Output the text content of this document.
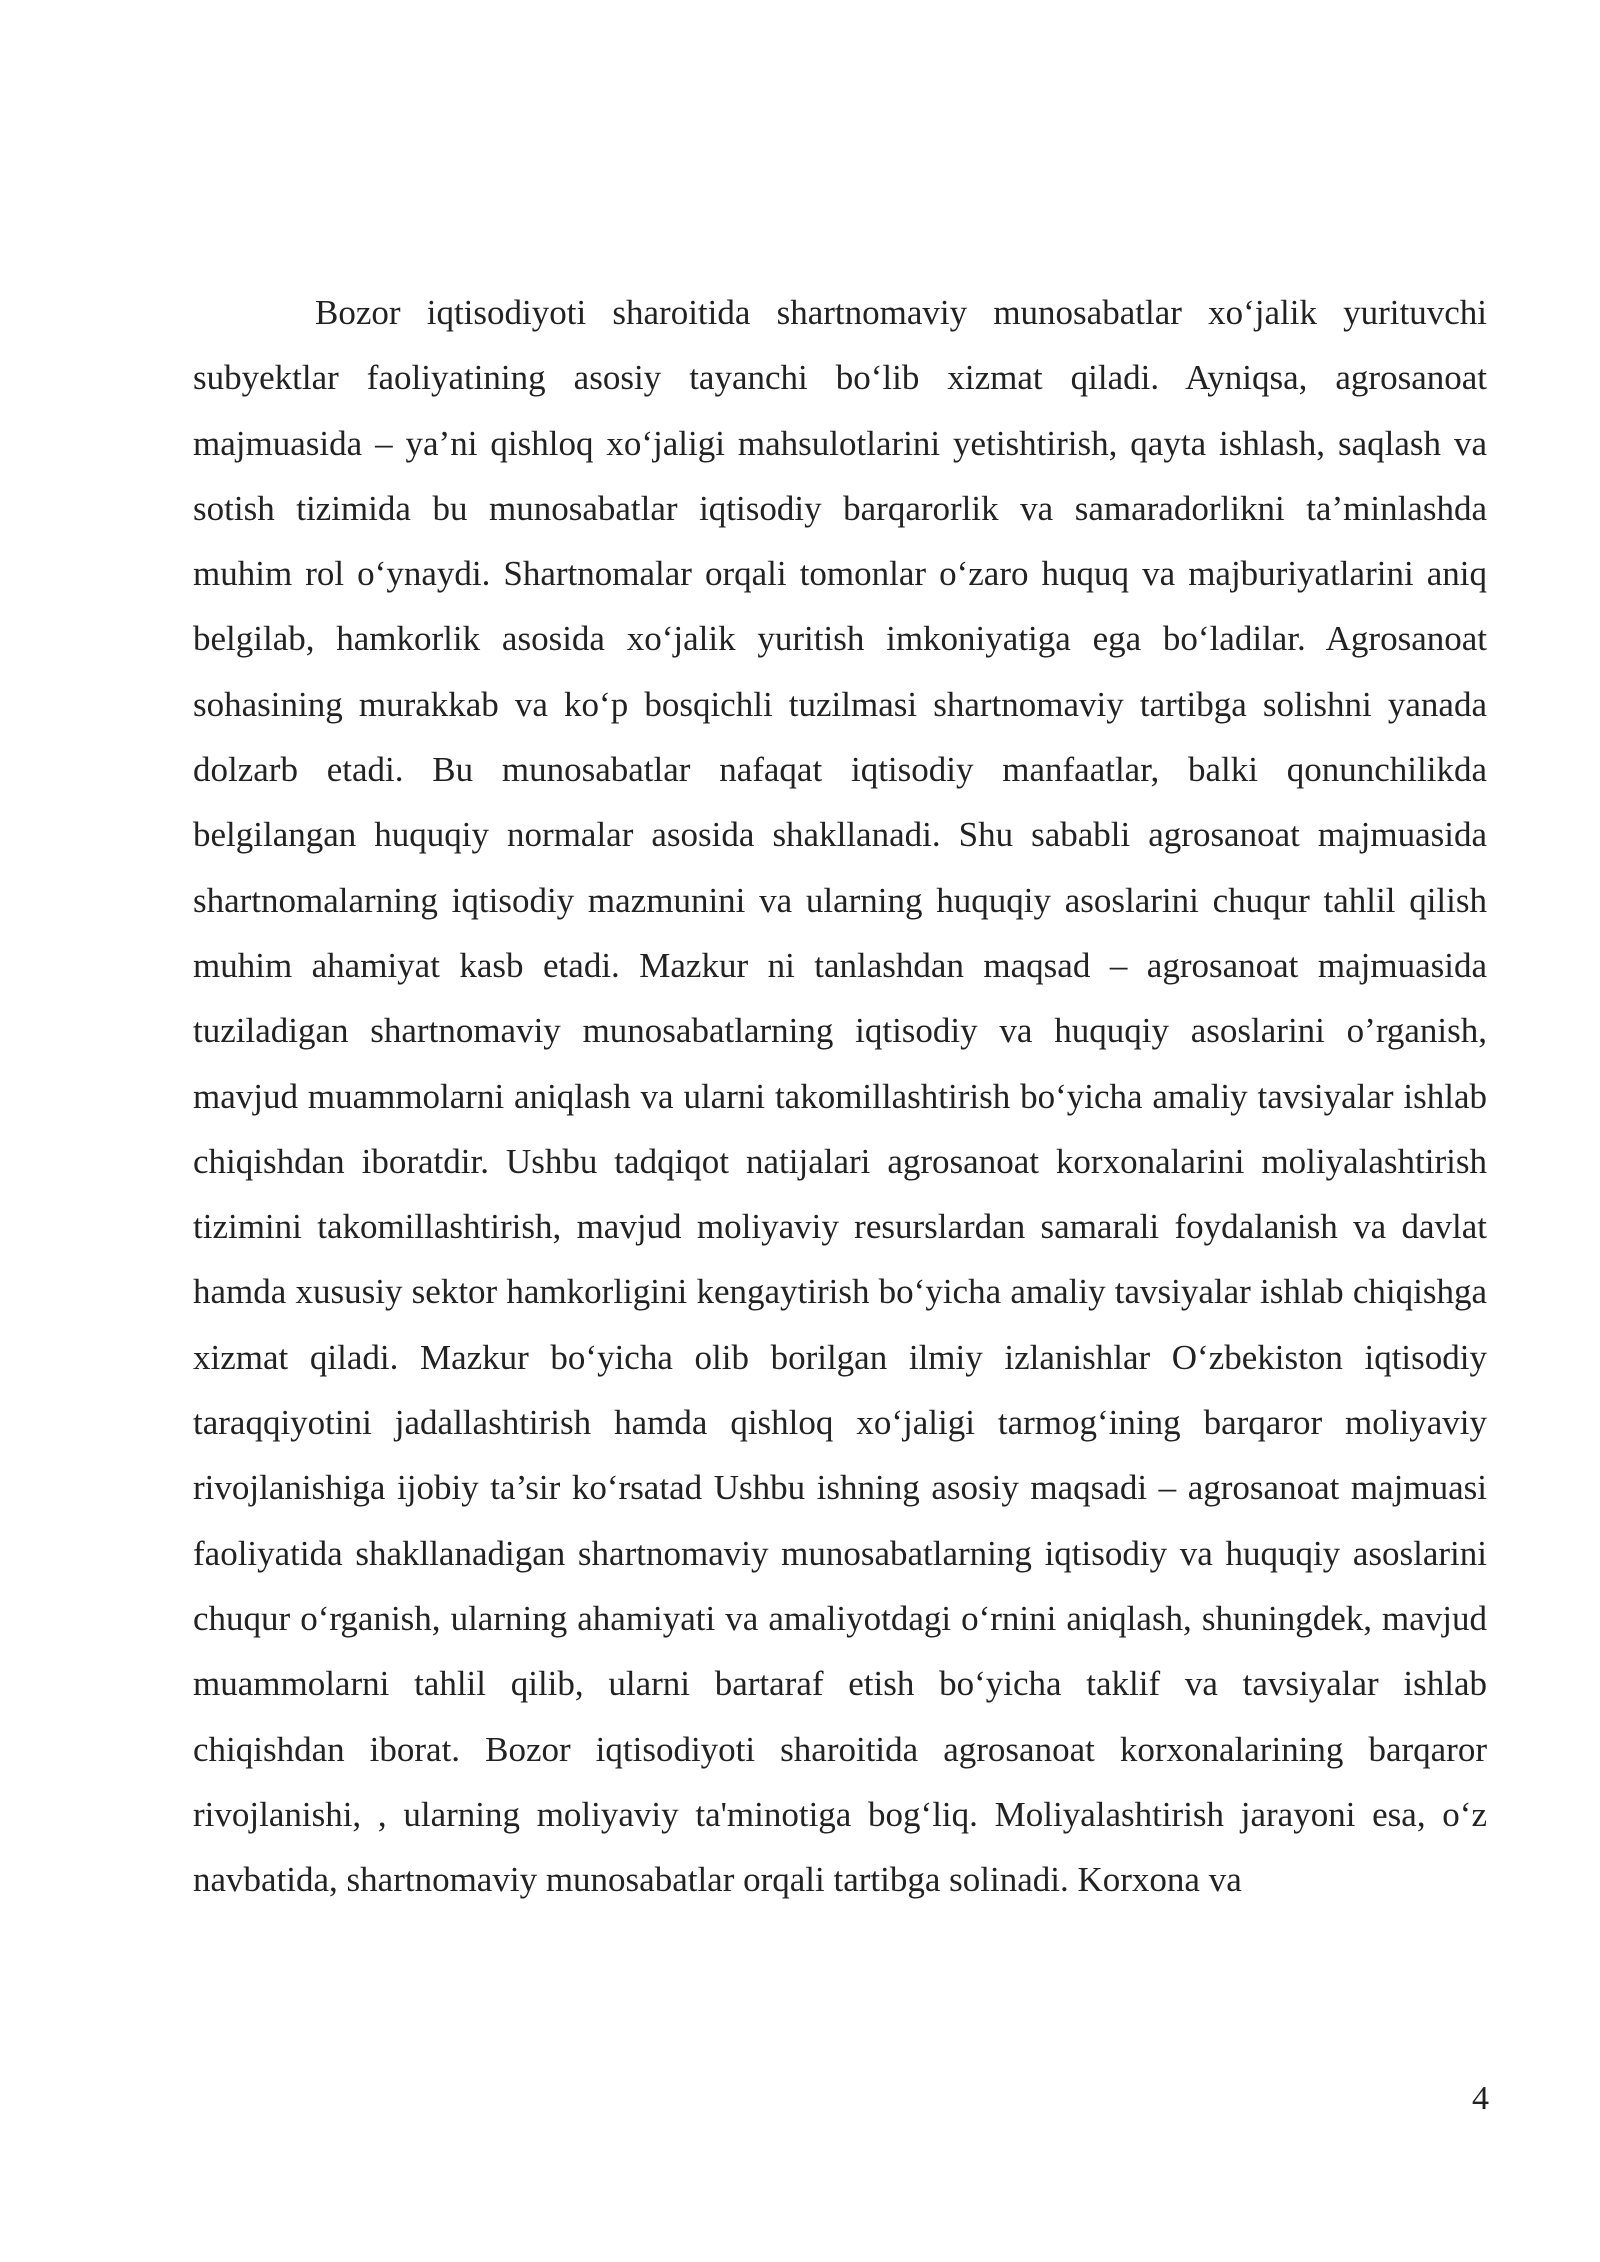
Bozor iqtisodiyoti sharoitida shartnomaviy munosabatlar xo‘jalik yurituvchi subyektlar faoliyatining asosiy tayanchi bo‘lib xizmat qiladi. Ayniqsa, agrosanoat majmuasida – ya’ni qishloq xo‘jaligi mahsulotlarini yetishtirish, qayta ishlash, saqlash va sotish tizimida bu munosabatlar iqtisodiy barqarorlik va samaradorlikni ta’minlashda muhim rol o‘ynaydi. Shartnomalar orqali tomonlar o‘zaro huquq va majburiyatlarini aniq belgilab, hamkorlik asosida xo‘jalik yuritish imkoniyatiga ega bo‘ladilar. Agrosanoat sohasining murakkab va ko‘p bosqichli tuzilmasi shartnomaviy tartibga solishni yanada dolzarb etadi. Bu munosabatlar nafaqat iqtisodiy manfaatlar, balki qonunchilikda belgilangan huquqiy normalar asosida shakllanadi. Shu sababli agrosanoat majmuasida shartnomalarning iqtisodiy mazmunini va ularning huquqiy asoslarini chuqur tahlil qilish muhim ahamiyat kasb etadi. Mazkur ni tanlashdan maqsad – agrosanoat majmuasida tuziladigan shartnomaviy munosabatlarning iqtisodiy va huquqiy asoslarini o’rganish, mavjud muammolarni aniqlash va ularni takomillashtirish bo‘yicha amaliy tavsiyalar ishlab chiqishdan iboratdir. Ushbu tadqiqot natijalari agrosanoat korxonalarini moliyalashtirish tizimini takomillashtirish, mavjud moliyaviy resurslardan samarali foydalanish va davlat hamda xususiy sektor hamkorligini kengaytirish bo‘yicha amaliy tavsiyalar ishlab chiqishga xizmat qiladi. Mazkur bo‘yicha olib borilgan ilmiy izlanishlar O‘zbekiston iqtisodiy taraqqiyotini jadallashtirish hamda qishloq xo‘jaligi tarmog‘ining barqaror moliyaviy rivojlanishiga ijobiy ta’sir ko‘rsatad Ushbu ishning asosiy maqsadi – agrosanoat majmuasi faoliyatida shakllanadigan shartnomaviy munosabatlarning iqtisodiy va huquqiy asoslarini chuqur o‘rganish, ularning ahamiyati va amaliyotdagi o‘rnini aniqlash, shuningdek, mavjud muammolarni tahlil qilib, ularni bartaraf etish bo‘yicha taklif va tavsiyalar ishlab chiqishdan iborat. Bozor iqtisodiyoti sharoitida agrosanoat korxonalarining barqaror rivojlanishi, , ularning moliyaviy ta'minotiga bog‘liq. Moliyalashtirish jarayoni esa, o‘z navbatida, shartnomaviy munosabatlar orqali tartibga solinadi. Korxona va

4
